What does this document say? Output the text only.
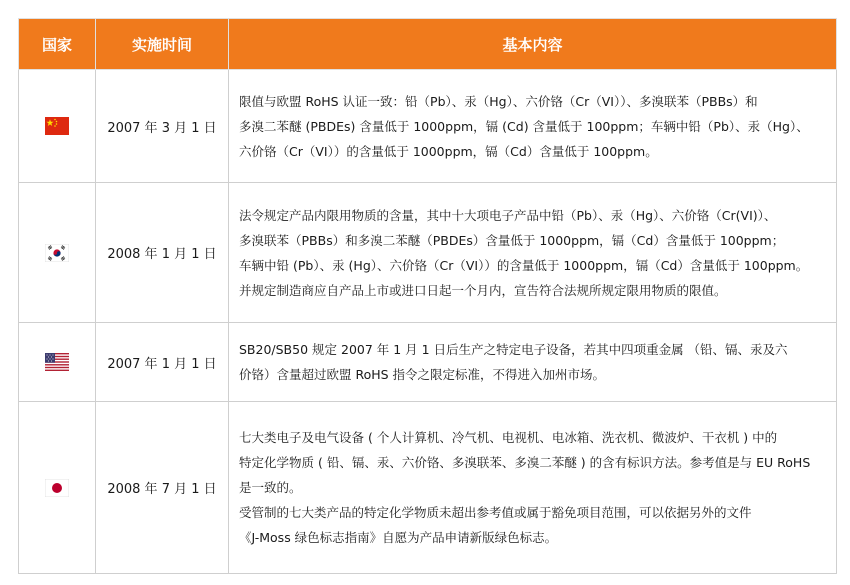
国家	实施时间	基本内容
	2007 年 3 月 1 日	限值与欧盟 RoHS 认证一致：铅（Pb）、汞（Hg）、六价铬（Cr（VI））、多溴联苯（PBBs）和
多溴二苯醚 (PBDEs) 含量低于 1000ppm，镉 (Cd) 含量低于 100ppm；车辆中铅（Pb）、汞（Hg）、
六价铬（Cr（VI））的含量低于 1000ppm，镉（Cd）含量低于 100ppm。

	2008 年 1 月 1 日	法令规定产品内限用物质的含量，其中十大项电子产品中铅（Pb）、汞（Hg）、六价铬（Cr(VI)）、
多溴联苯（PBBs）和多溴二苯醚（PBDEs）含量低于 1000ppm，镉（Cd）含量低于 100ppm；
车辆中铅 (Pb）、汞 (Hg）、六价铬（Cr（VI））的含量低于 1000ppm，镉（Cd）含量低于 100ppm。
并规定制造商应自产品上市或进口日起一个月内，宣告符合法规所规定限用物质的限值。

	2007 年 1 月 1 日	SB20/SB50 规定 2007 年 1 月 1 日后生产之特定电子设备，若其中四项重金属 （铅、镉、汞及六
价铬）含量超过欧盟 RoHS 指令之限定标准，不得进入加州市场。

	2008 年 7 月 1 日	七大类电子及电气设备 ( 个人计算机、冷气机、电视机、电冰箱、洗衣机、微波炉、干衣机 ) 中的
特定化学物质 ( 铅、镉、汞、六价铬、多溴联苯、多溴二苯醚 ) 的含有标识方法。参考值是与 EU RoHS
是一致的。
受管制的七大类产品的特定化学物质未超出参考值或属于豁免项目范围，可以依据另外的文件
《J-Moss 绿色标志指南》自愿为产品申请新版绿色标志。
